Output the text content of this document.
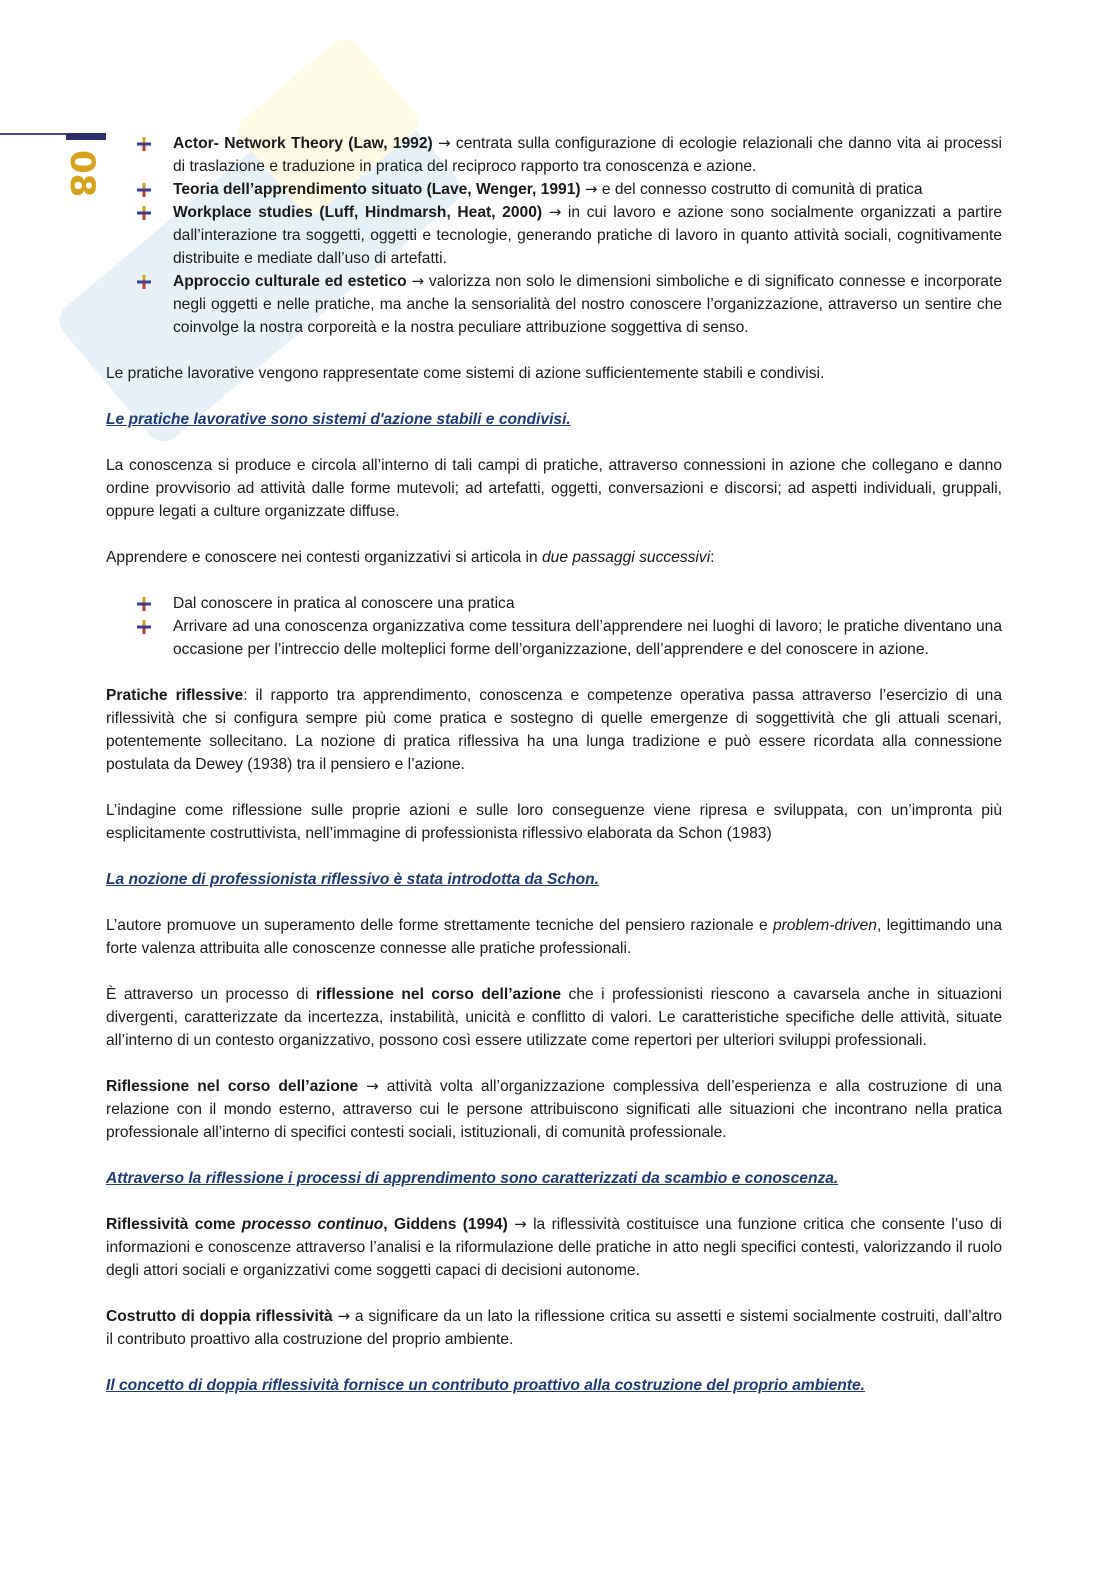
08
Actor- Network Theory (Law, 1992) → centrata sulla configurazione di ecologie relazionali che danno vita ai processi di traslazione e traduzione in pratica del reciproco rapporto tra conoscenza e azione.
Teoria dell’apprendimento situato (Lave, Wenger, 1991) → e del connesso costrutto di comunità di pratica
Workplace studies (Luff, Hindmarsh, Heat, 2000) → in cui lavoro e azione sono socialmente organizzati a partire dall’interazione tra soggetti, oggetti e tecnologie, generando pratiche di lavoro in quanto attività sociali, cognitivamente distribuite e mediate dall’uso di artefatti.
Approccio culturale ed estetico → valorizza non solo le dimensioni simboliche e di significato connesse e incorporate negli oggetti e nelle pratiche, ma anche la sensorialità del nostro conoscere l’organizzazione, attraverso un sentire che coinvolge la nostra corporeità e la nostra peculiare attribuzione soggettiva di senso.

Le pratiche lavorative vengono rappresentate come sistemi di azione sufficientemente stabili e condivisi.

Le pratiche lavorative sono sistemi d'azione stabili e condivisi.

La conoscenza si produce e circola all’interno di tali campi di pratiche, attraverso connessioni in azione che collegano e danno ordine provvisorio ad attività dalle forme mutevoli; ad artefatti, oggetti, conversazioni e discorsi; ad aspetti individuali, gruppali, oppure legati a culture organizzate diffuse.

Apprendere e conoscere nei contesti organizzativi si articola in due passaggi successivi:

Dal conoscere in pratica al conoscere una pratica
Arrivare ad una conoscenza organizzativa come tessitura dell’apprendere nei luoghi di lavoro; le pratiche diventano una occasione per l’intreccio delle molteplici forme dell’organizzazione, dell’apprendere e del conoscere in azione.

Pratiche riflessive: il rapporto tra apprendimento, conoscenza e competenze operativa passa attraverso l’esercizio di una riflessività che si configura sempre più come pratica e sostegno di quelle emergenze di soggettività che gli attuali scenari, potentemente sollecitano. La nozione di pratica riflessiva ha una lunga tradizione e può essere ricordata alla connessione postulata da Dewey (1938) tra il pensiero e l’azione.

L’indagine come riflessione sulle proprie azioni e sulle loro conseguenze viene ripresa e sviluppata, con un’impronta più esplicitamente costruttivista, nell’immagine di professionista riflessivo elaborata da Schon (1983)

La nozione di professionista riflessivo è stata introdotta da Schon.

L’autore promuove un superamento delle forme strettamente tecniche del pensiero razionale e problem-driven, legittimando una forte valenza attribuita alle conoscenze connesse alle pratiche professionali.

È attraverso un processo di riflessione nel corso dell’azione che i professionisti riescono a cavarsela anche in situazioni divergenti, caratterizzate da incertezza, instabilità, unicità e conflitto di valori. Le caratteristiche specifiche delle attività, situate all’interno di un contesto organizzativo, possono così essere utilizzate come repertori per ulteriori sviluppi professionali.

Riflessione nel corso dell’azione → attività volta all’organizzazione complessiva dell’esperienza e alla costruzione di una relazione con il mondo esterno, attraverso cui le persone attribuiscono significati alle situazioni che incontrano nella pratica professionale all’interno di specifici contesti sociali, istituzionali, di comunità professionale.

Attraverso la riflessione i processi di apprendimento sono caratterizzati da scambio e conoscenza.

Riflessività come processo continuo, Giddens (1994) → la riflessività costituisce una funzione critica che consente l’uso di informazioni e conoscenze attraverso l’analisi e la riformulazione delle pratiche in atto negli specifici contesti, valorizzando il ruolo degli attori sociali e organizzativi come soggetti capaci di decisioni autonome.

Costrutto di doppia riflessività → a significare da un lato la riflessione critica su assetti e sistemi socialmente costruiti, dall’altro il contributo proattivo alla costruzione del proprio ambiente.

Il concetto di doppia riflessività fornisce un contributo proattivo alla costruzione del proprio ambiente.
